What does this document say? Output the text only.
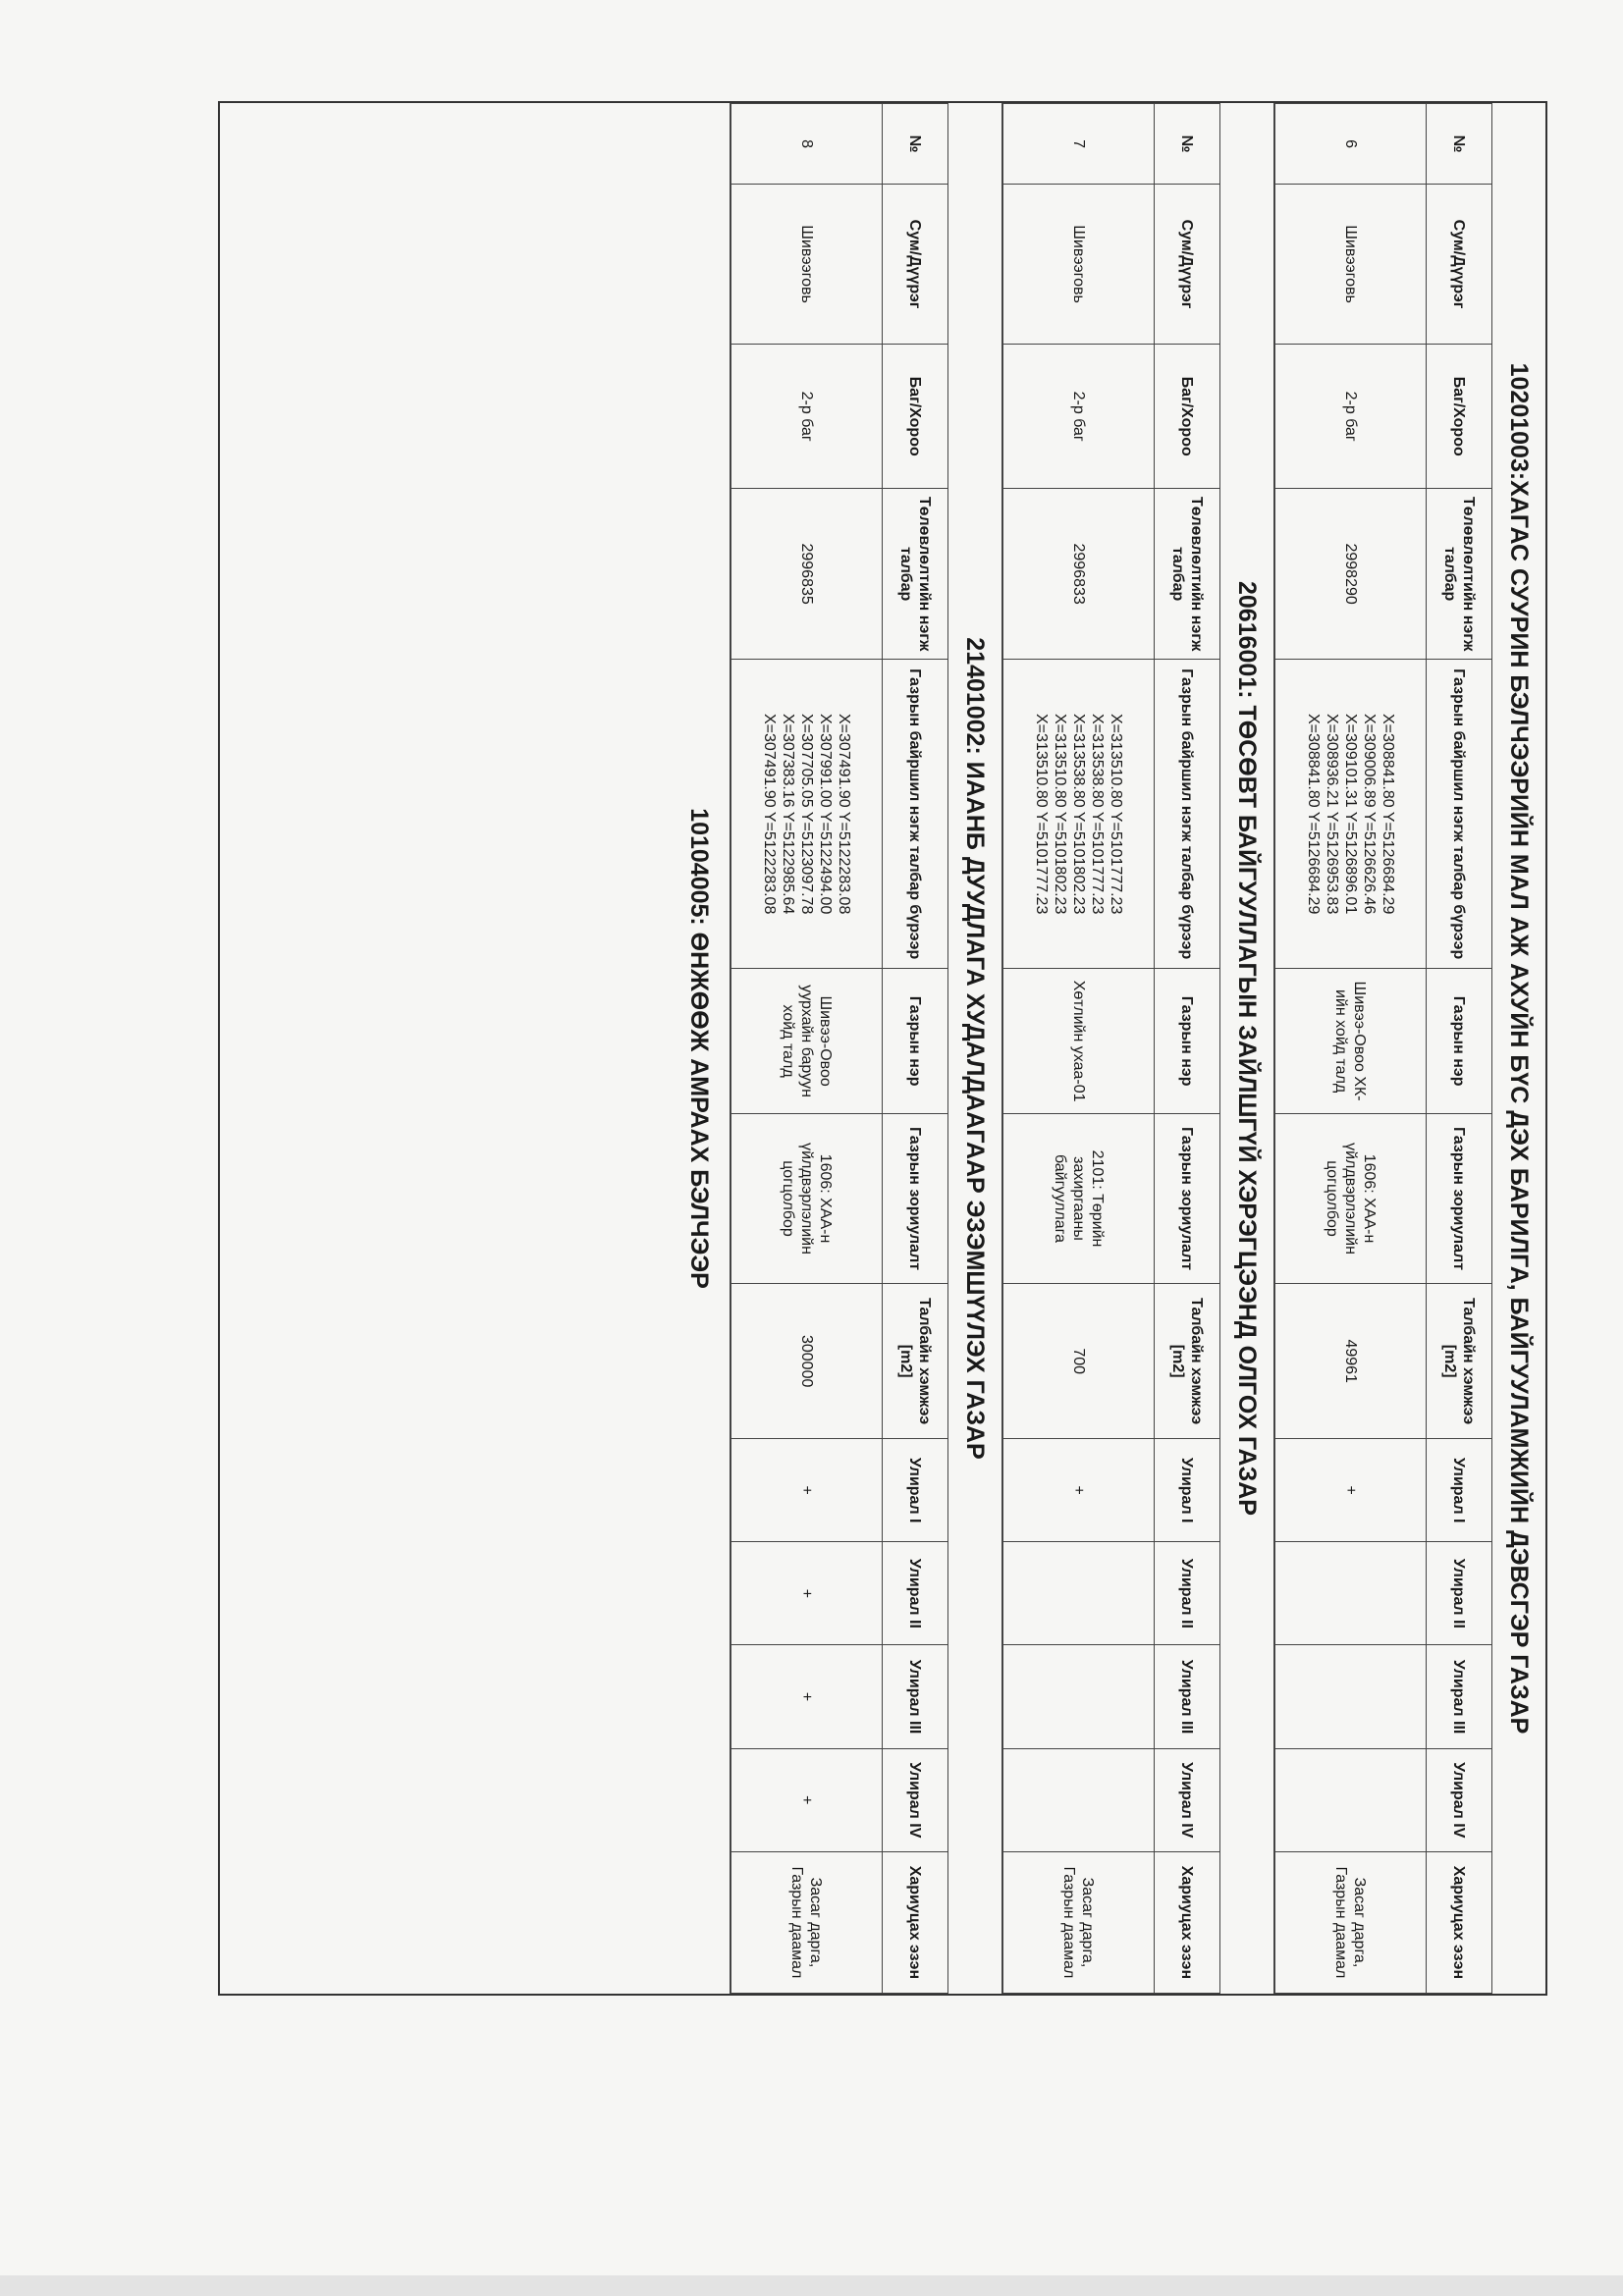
10201003:ХАГАС СУУРИН БЭЛЧЭЭРИЙН МАЛ АЖ АХУЙН БҮС ДЭХ БАРИЛГА, БАЙГУУЛАМЖИЙН ДЭВСГЭР ГАЗАР
№	Сум/Дүүрэг	Баг/Хороо	Төлөвлөлтийн нэгж талбар	Газрын байршил нэгж талбар бүрээр	Газрын нэр	Газрын зориулалт	Талбайн хэмжээ [m2]	Улирал I	Улирал II	Улирал III	Улирал IV	Хариуцах эзэн
6	Шивээговь	2-р баг	2998290	X=308841.80 Y=5126684.29
X=309006.89 Y=5126626.46
X=309101.31 Y=5126896.01
X=308936.21 Y=5126953.83
X=308841.80 Y=5126684.29	Шивээ-Овоо ХК-ийн хойд талд	1606: ХАА-н үйлдвэрлэлийн цогцолбор	49961	+				Засаг дарга, Газрын даамал
20616001: ТӨСӨВТ БАЙГУУЛЛАГЫН ЗАЙЛШГҮЙ ХЭРЭГЦЭЭНД ОЛГОХ ГАЗАР
№	Сум/Дүүрэг	Баг/Хороо	Төлөвлөлтийн нэгж талбар	Газрын байршил нэгж талбар бүрээр	Газрын нэр	Газрын зориулалт	Талбайн хэмжээ [m2]	Улирал I	Улирал II	Улирал III	Улирал IV	Хариуцах эзэн
7	Шивээговь	2-р баг	2996833	X=313510.80 Y=5101777.23
X=313538.80 Y=5101777.23
X=313538.80 Y=5101802.23
X=313510.80 Y=5101802.23
X=313510.80 Y=5101777.23	Хөтлийн ухаа-01	2101: Төрийн захиргааны байгууллага	700	+				Засаг дарга, Газрын даамал
21401002: ИААНБ ДУУДЛАГА ХУДАЛДААГААР ЭЗЭМШҮҮЛЭХ ГАЗАР
№	Сум/Дүүрэг	Баг/Хороо	Төлөвлөлтийн нэгж талбар	Газрын байршил нэгж талбар бүрээр	Газрын нэр	Газрын зориулалт	Талбайн хэмжээ [m2]	Улирал I	Улирал II	Улирал III	Улирал IV	Хариуцах эзэн
8	Шивээговь	2-р баг	2996835	X=307491.90 Y=5122283.08
X=307991.00 Y=5122494.00
X=307705.05 Y=5123097.78
X=307383.16 Y=5122985.64
X=307491.90 Y=5122283.08	Шивээ-Овоо уурхайн баруун хойд талд	1606: ХАА-н үйлдвэрлэлийн цогцолбор	300000	+	+	+	+	Засаг дарга, Газрын даамал
10104005: ӨНЖӨӨЖ АМРААХ БЭЛЧЭЭР
